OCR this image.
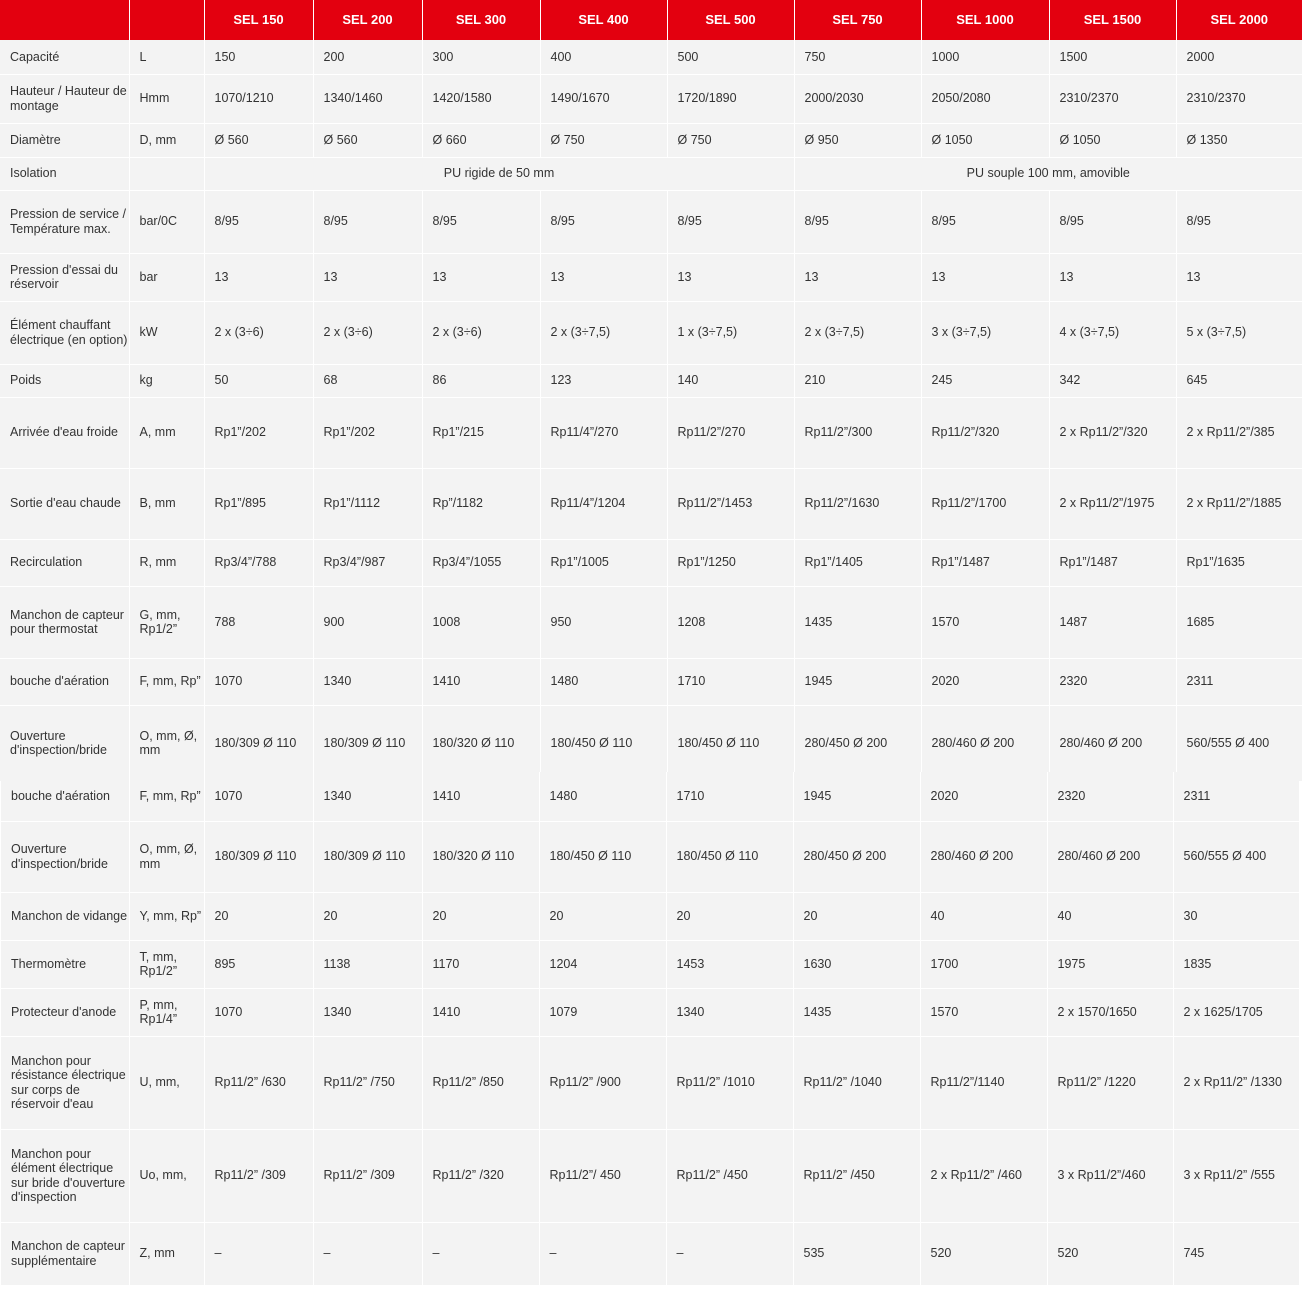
		SEL 150	SEL 200	SEL 300	SEL 400	SEL 500	SEL 750	SEL 1000	SEL 1500	SEL 2000
Capacité	L	150	200	300	400	500	750	1000	1500	2000
Hauteur / Hauteur de montage	Hmm	1070/1210	1340/1460	1420/1580	1490/1670	1720/1890	2000/2030	2050/2080	2310/2370	2310/2370
Diamètre	D, mm	Ø 560	Ø 560	Ø 660	Ø 750	Ø 750	Ø 950	Ø 1050	Ø 1050	Ø 1350
Isolation		PU rigide de 50 mm					PU souple 100 mm, amovible			
Pression de service / Température max.	bar/0C	8/95	8/95	8/95	8/95	8/95	8/95	8/95	8/95	8/95
Pression d'essai du réservoir	bar	13	13	13	13	13	13	13	13	13
Élément chauffant électrique (en option)	kW	2 x (3÷6)	2 x (3÷6)	2 x (3÷6)	2 x (3÷7,5)	1 x (3÷7,5)	2 x (3÷7,5)	3 x (3÷7,5)	4 x (3÷7,5)	5 x (3÷7,5)
Poids	kg	50	68	86	123	140	210	245	342	645
Arrivée d'eau froide	A, mm	Rp1”/202	Rp1”/202	Rp1”/215	Rp11/4”/270	Rp11/2”/270	Rp11/2”/300	Rp11/2”/320	2 x Rp11/2”/320	2 x Rp11/2”/385
Sortie d'eau chaude	B, mm	Rp1”/895	Rp1”/1112	Rp”/1182	Rp11/4”/1204	Rp11/2”/1453	Rp11/2”/1630	Rp11/2”/1700	2 x Rp11/2”/1975	2 x Rp11/2”/1885
Recirculation	R, mm	Rp3/4”/788	Rp3/4”/987	Rp3/4”/1055	Rp1”/1005	Rp1”/1250	Rp1”/1405	Rp1”/1487	Rp1”/1487	Rp1”/1635
Manchon de capteur pour thermostat	G, mm, Rp1/2”	788	900	1008	950	1208	1435	1570	1487	1685
bouche d'aération	F, mm, Rp”	1070	1340	1410	1480	1710	1945	2020	2320	2311
Ouverture d'inspection/bride	O, mm, Ø, mm	180/309 Ø 110	180/309 Ø 110	180/320 Ø 110	180/450 Ø 110	180/450 Ø 110	280/450 Ø 200	280/460 Ø 200	280/460 Ø 200	560/555 Ø 400
bouche d'aération	F, mm, Rp”	1070	1340	1410	1480	1710	1945	2020	2320	2311
Ouverture d'inspection/bride	O, mm, Ø, mm	180/309 Ø 110	180/309 Ø 110	180/320 Ø 110	180/450 Ø 110	180/450 Ø 110	280/450 Ø 200	280/460 Ø 200	280/460 Ø 200	560/555 Ø 400
Manchon de vidange	Y, mm, Rp”	20	20	20	20	20	20	40	40	30
Thermomètre	T, mm, Rp1/2”	895	1138	1170	1204	1453	1630	1700	1975	1835
Protecteur d'anode	P, mm, Rp1/4”	1070	1340	1410	1079	1340	1435	1570	2 x 1570/1650	2 x 1625/1705
Manchon pour résistance électrique sur corps de réservoir d'eau	U, mm,	Rp11/2” /630	Rp11/2” /750	Rp11/2” /850	Rp11/2” /900	Rp11/2” /1010	Rp11/2” /1040	Rp11/2”/1140	Rp11/2” /1220	2 x Rp11/2” /1330
Manchon pour élément électrique sur bride d'ouverture d'inspection	Uo, mm,	Rp11/2” /309	Rp11/2” /309	Rp11/2” /320	Rp11/2”/ 450	Rp11/2” /450	Rp11/2” /450	2 x Rp11/2” /460	3 x Rp11/2”/460	3 x Rp11/2” /555
Manchon de capteur supplémentaire	Z, mm	–	–	–	–	–	535	520	520	745
